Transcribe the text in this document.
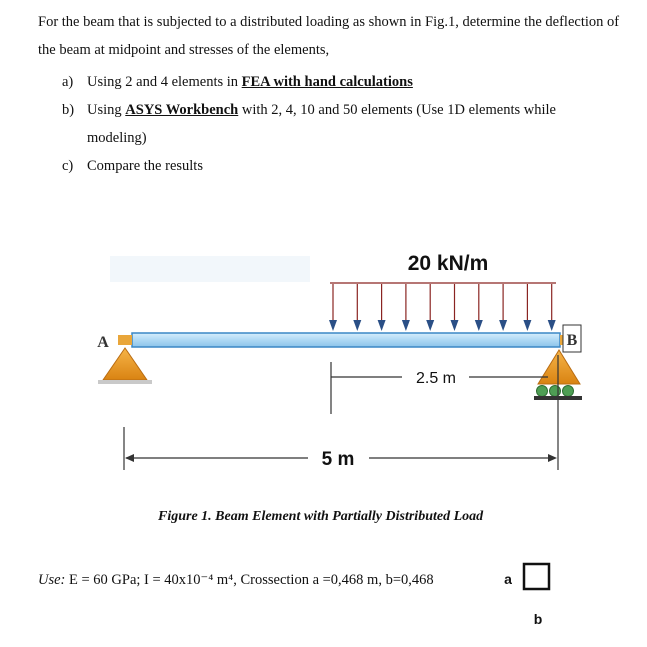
For the beam that is subjected to a distributed loading as shown in Fig.1, determine the deflection of the beam at midpoint and stresses of the elements,
a) Using 2 and 4 elements in FEA with hand calculations
b) Using ASYS Workbench with 2, 4, 10 and 50 elements (Use 1D elements while
modeling)
c) Compare the results
20 kN/m
A	B
2.5 m
5 m
a
b
Figure 1. Beam Element with Partially Distributed Load
Use: E = 60 GPa; I = 40x10⁻⁴ m⁴, Crossection a =0,468 m, b=0,468
